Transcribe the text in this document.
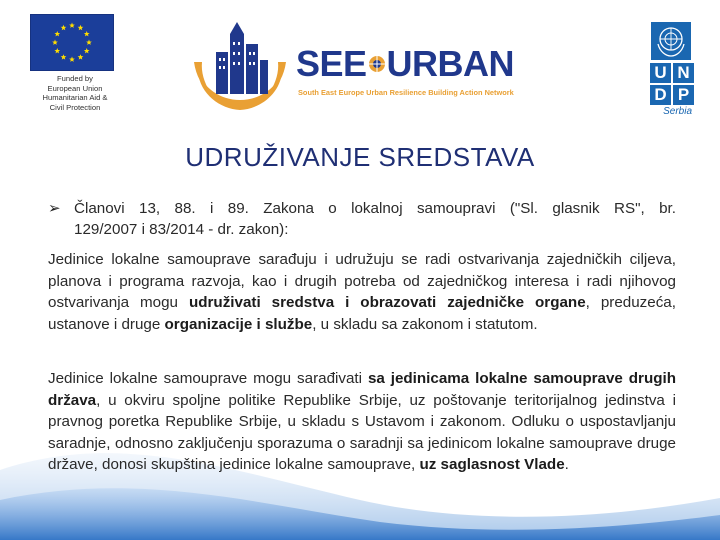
Funded by
European Union
Humanitarian Aid &
Civil Protection
SEE URBAN
South East Europe Urban Resilience Building Action Network
U N
D P
Serbia
UDRUŽIVANJE SREDSTAVA
➢ Članovi 13, 88. i 89. Zakona o lokalnoj samoupravi ("Sl. glasnik RS", br.
129/2007 i 83/2014 - dr. zakon):
Jedinice lokalne samouprave sarađuju i udružuju se radi ostvarivanja zajedničkih ciljeva, planova i programa razvoja, kao i drugih potreba od zajedničkog interesa i radi njihovog ostvarivanja mogu udruživati sredstva i obrazovati zajedničke organe, preduzeća, ustanove i druge organizacije i službe, u skladu sa zakonom i statutom.
Jedinice lokalne samouprave mogu sarađivati sa jedinicama lokalne samouprave drugih država, u okviru spoljne politike Republike Srbije, uz poštovanje teritorijalnog jedinstva i pravnog poretka Republike Srbije, u skladu s Ustavom i zakonom. Odluku o uspostavljanju saradnje, odnosno zaključenju sporazuma o saradnji sa jedinicom lokalne samouprave druge države, donosi skupština jedinice lokalne samouprave, uz saglasnost Vlade.
